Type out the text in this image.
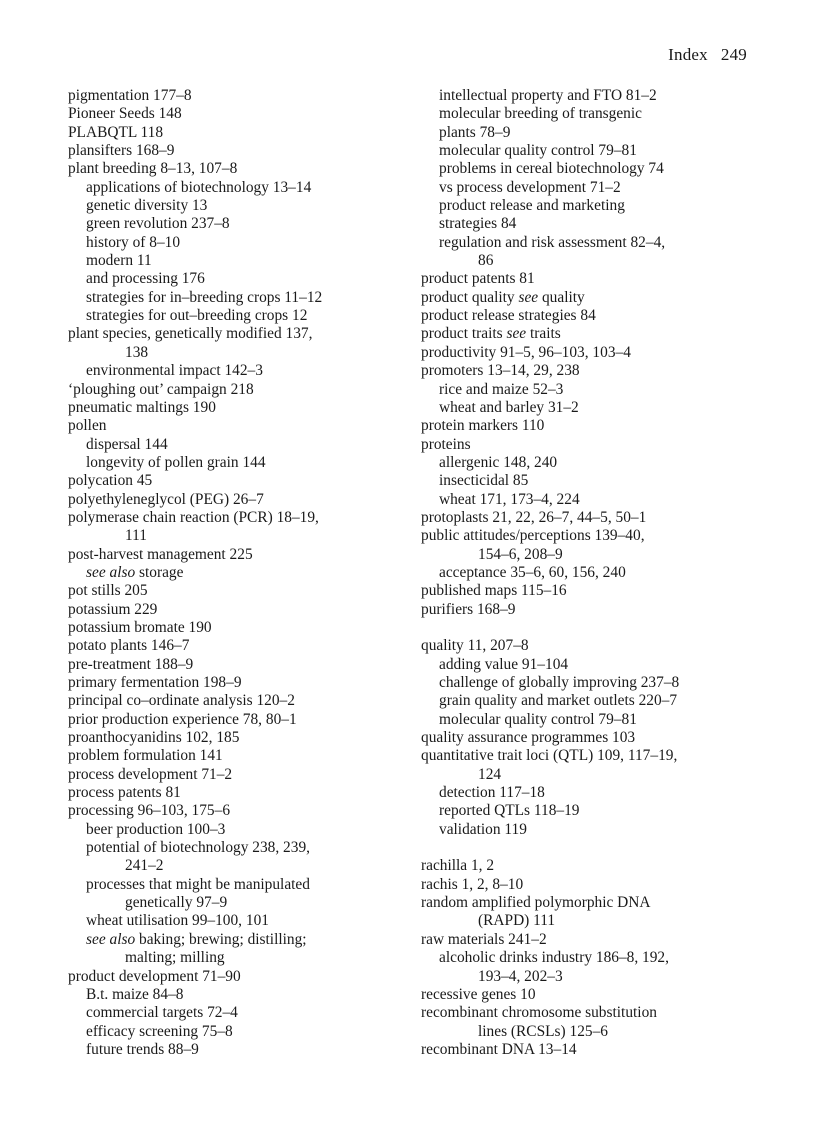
Index 249
pigmentation 177–8
Pioneer Seeds 148
PLABQTL 118
plansifters 168–9
plant breeding 8–13, 107–8
applications of biotechnology 13–14
genetic diversity 13
green revolution 237–8
history of 8–10
modern 11
and processing 176
strategies for in–breeding crops 11–12
strategies for out–breeding crops 12
plant species, genetically modified 137,
138
environmental impact 142–3
‘ploughing out’ campaign 218
pneumatic maltings 190
pollen
dispersal 144
longevity of pollen grain 144
polycation 45
polyethyleneglycol (PEG) 26–7
polymerase chain reaction (PCR) 18–19,
111
post-harvest management 225
see also storage
pot stills 205
potassium 229
potassium bromate 190
potato plants 146–7
pre-treatment 188–9
primary fermentation 198–9
principal co–ordinate analysis 120–2
prior production experience 78, 80–1
proanthocyanidins 102, 185
problem formulation 141
process development 71–2
process patents 81
processing 96–103, 175–6
beer production 100–3
potential of biotechnology 238, 239,
241–2
processes that might be manipulated
genetically 97–9
wheat utilisation 99–100, 101
see also baking; brewing; distilling;
malting; milling
product development 71–90
B.t. maize 84–8
commercial targets 72–4
efficacy screening 75–8
future trends 88–9
intellectual property and FTO 81–2
molecular breeding of transgenic
plants 78–9
molecular quality control 79–81
problems in cereal biotechnology 74
vs process development 71–2
product release and marketing
strategies 84
regulation and risk assessment 82–4,
86
product patents 81
product quality see quality
product release strategies 84
product traits see traits
productivity 91–5, 96–103, 103–4
promoters 13–14, 29, 238
rice and maize 52–3
wheat and barley 31–2
protein markers 110
proteins
allergenic 148, 240
insecticidal 85
wheat 171, 173–4, 224
protoplasts 21, 22, 26–7, 44–5, 50–1
public attitudes/perceptions 139–40,
154–6, 208–9
acceptance 35–6, 60, 156, 240
published maps 115–16
purifiers 168–9
quality 11, 207–8
adding value 91–104
challenge of globally improving 237–8
grain quality and market outlets 220–7
molecular quality control 79–81
quality assurance programmes 103
quantitative trait loci (QTL) 109, 117–19,
124
detection 117–18
reported QTLs 118–19
validation 119
rachilla 1, 2
rachis 1, 2, 8–10
random amplified polymorphic DNA
(RAPD) 111
raw materials 241–2
alcoholic drinks industry 186–8, 192,
193–4, 202–3
recessive genes 10
recombinant chromosome substitution
lines (RCSLs) 125–6
recombinant DNA 13–14
